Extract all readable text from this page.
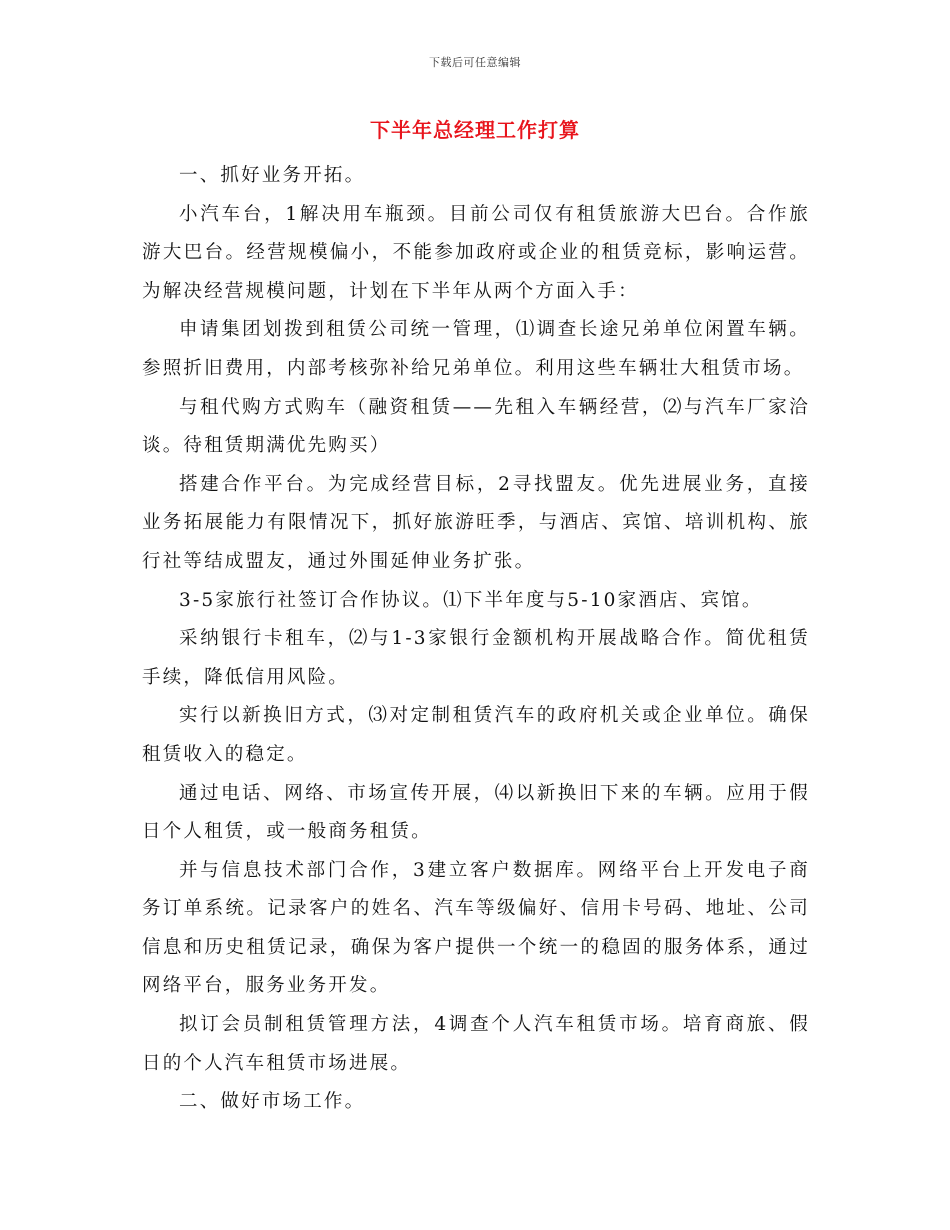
下载后可任意编辑
下半年总经理工作打算

一、抓好业务开拓。

小汽车台，1解决用车瓶颈。目前公司仅有租赁旅游大巴台。合作旅游大巴台。经营规模偏小，不能参加政府或企业的租赁竞标，影响运营。为解决经营规模问题，计划在下半年从两个方面入手：

申请集团划拨到租赁公司统一管理，⑴调查长途兄弟单位闲置车辆。参照折旧费用，内部考核弥补给兄弟单位。利用这些车辆壮大租赁市场。

与租代购方式购车（融资租赁——先租入车辆经营，⑵与汽车厂家洽谈。待租赁期满优先购买）

搭建合作平台。为完成经营目标，2寻找盟友。优先进展业务，直接业务拓展能力有限情况下，抓好旅游旺季，与酒店、宾馆、培训机构、旅行社等结成盟友，通过外围延伸业务扩张。

3-5家旅行社签订合作协议。⑴下半年度与5-10家酒店、宾馆。

采纳银行卡租车，⑵与1-3家银行金额机构开展战略合作。简优租赁手续，降低信用风险。

实行以新换旧方式，⑶对定制租赁汽车的政府机关或企业单位。确保租赁收入的稳定。

通过电话、网络、市场宣传开展，⑷以新换旧下来的车辆。应用于假日个人租赁，或一般商务租赁。

并与信息技术部门合作，3建立客户数据库。网络平台上开发电子商务订单系统。记录客户的姓名、汽车等级偏好、信用卡号码、地址、公司信息和历史租赁记录，确保为客户提供一个统一的稳固的服务体系，通过网络平台，服务业务开发。

拟订会员制租赁管理方法，4调查个人汽车租赁市场。培育商旅、假日的个人汽车租赁市场进展。

二、做好市场工作。
